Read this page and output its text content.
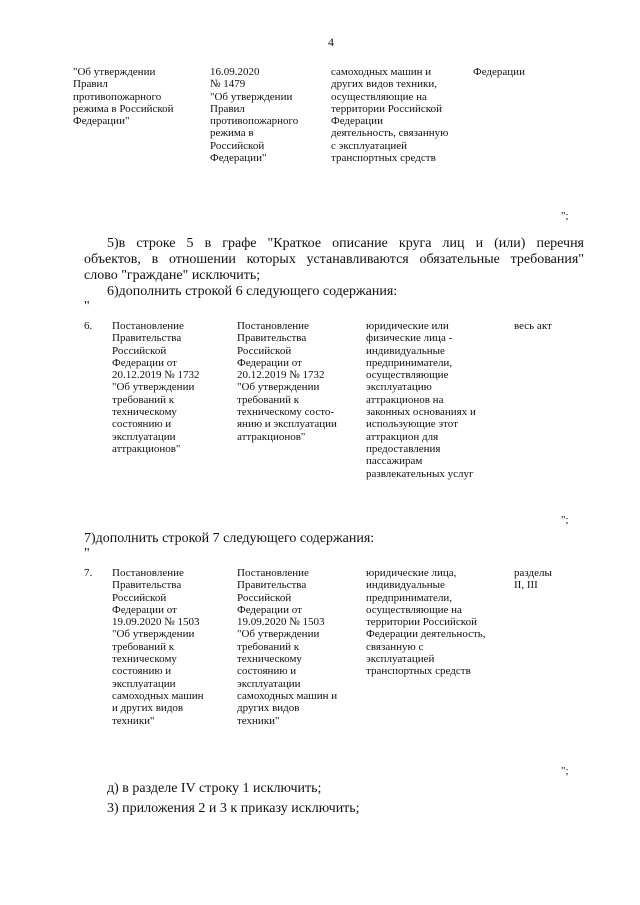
4
"Об утверждении
Правил
противопожарного
режима в Российской
Федерации"
16.09.2020
№ 1479
"Об утверждении
Правил
противопожарного
режима в
Российской
Федерации"
самоходных машин и
других видов техники,
осуществляющие на
территории Российской
Федерации
деятельность, связанную
с эксплуатацией
транспортных средств
Федерации
";
5)в строке 5 в графе "Краткое описание круга лиц и (или) перечня
объектов, в отношении которых устанавливаются обязательные требования"
слово "граждане" исключить;
6)дополнить строкой 6 следующего содержания:
"
6. Постановление
Правительства
Российской
Федерации от
20.12.2019 № 1732
"Об утверждении
требований к
техническому
состоянию и
эксплуатации
аттракционов"
Постановление
Правительства
Российской
Федерации от
20.12.2019 № 1732
"Об утверждении
требований к
техническому состо-
янию и эксплуатации
аттракционов"
юридические или
физические лица -
индивидуальные
предприниматели,
осуществляющие
эксплуатацию
аттракционов на
законных основаниях и
использующие этот
аттракцион для
предоставления
пассажирам
развлекательных услуг
весь акт
";
7)дополнить строкой 7 следующего содержания:
"
7. Постановление
Правительства
Российской
Федерации от
19.09.2020 № 1503
"Об утверждении
требований к
техническому
состоянию и
эксплуатации
самоходных машин
и других видов
техники"
Постановление
Правительства
Российской
Федерации от
19.09.2020 № 1503
"Об утверждении
требований к
техническому
состоянию и
эксплуатации
самоходных машин и
других видов
техники"
юридические лица,
индивидуальные
предприниматели,
осуществляющие на
территории Российской
Федерации деятельность,
связанную с
эксплуатацией
транспортных средств
разделы
II, III
";
д) в разделе IV строку 1 исключить;
3) приложения 2 и 3 к приказу исключить;
